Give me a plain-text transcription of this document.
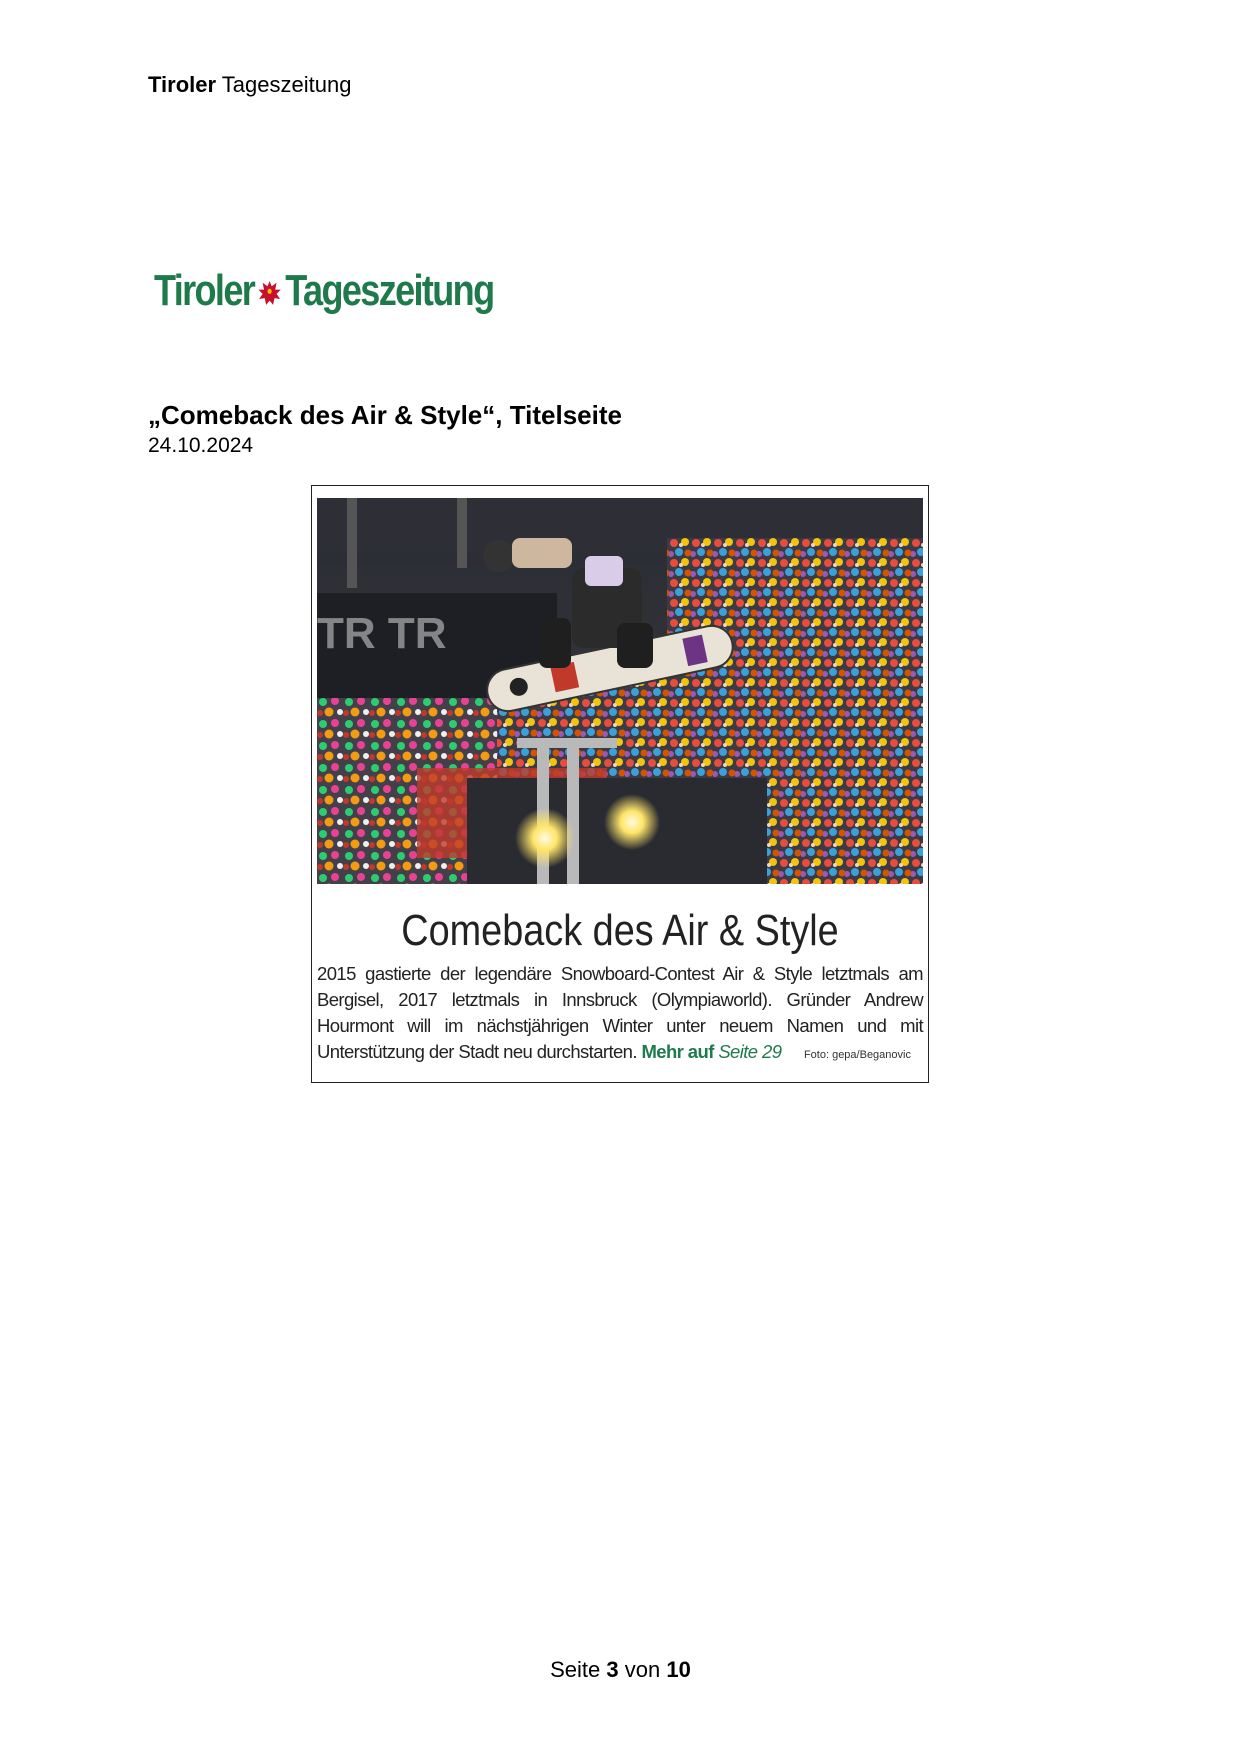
Tiroler Tageszeitung
Tiroler Tageszeitung
„Comeback des Air & Style“, Titelseite
24.10.2024
TR TR
Comeback des Air & Style
2015 gastierte der legendäre Snowboard-Contest Air & Style letztmals am Bergisel, 2017 letztmals in Innsbruck (Olympiaworld). Gründer Andrew Hourmont will im nächstjährigen Winter unter neuem Namen und mit Unterstützung der Stadt neu durchstarten. Mehr auf Seite 29 Foto: gepa/Beganovic
Seite 3 von 10
